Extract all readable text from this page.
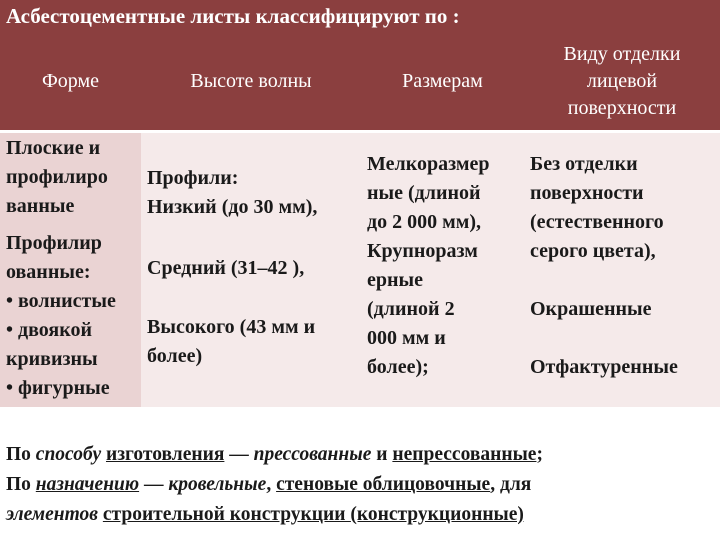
Асбестоцементные листы классифицируют по :
Форме	Высоте волны	Размерам
Виду отделки
лицевой
поверхности
Плоские и
профилиро
ванные
Профилир
ованные:
• волнистые
• двоякой
кривизны
• фигурные
Профили:
Низкий (до 30 мм),
Средний (31–42 ),
Высокого (43 мм и
более)
Мелкоразмер
ные (длиной
до 2 000 мм),
Крупноразм
ерные
(длиной 2
000 мм и
более);
Без отделки
поверхности
(естественного
серого цвета),
Окрашенные
Отфактуренные
По способу изготовления — прессованные и непрессованные;
По назначению — кровельные, стеновые облицовочные, для
элементов строительной конструкции (конструкционные)
